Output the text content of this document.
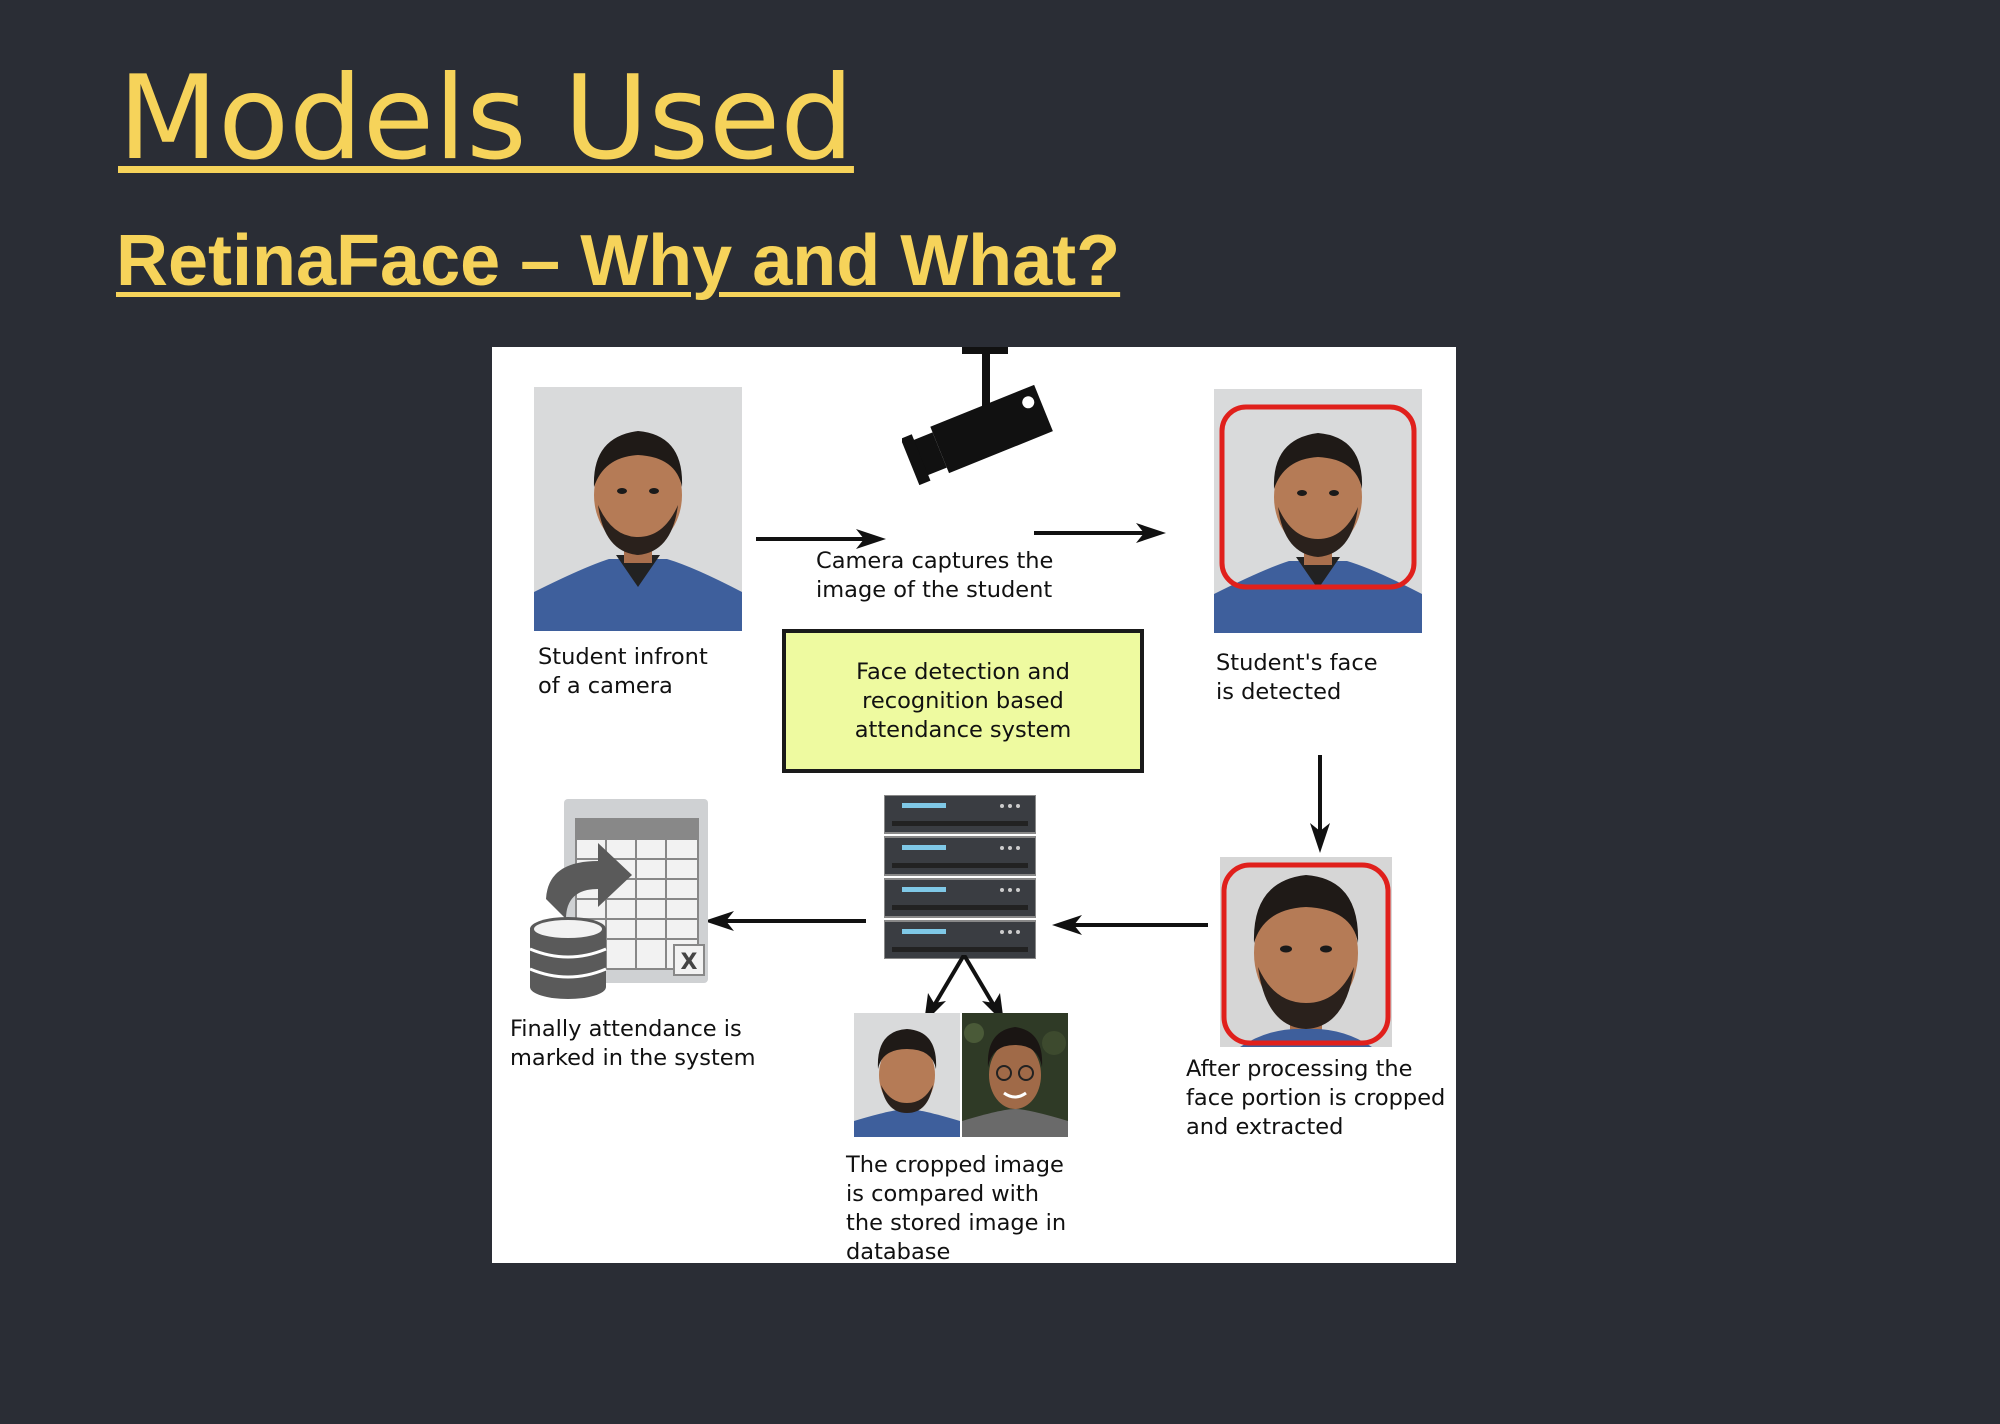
Models Used
RetinaFace – Why and What?
Student infront
of a camera
Camera captures the
image of the student
Student's face
is detected
Face detection and
recognition based
attendance system
After processing the
face portion is cropped
and extracted
X
Finally attendance is
marked in the system
The cropped image
is compared with
the stored image in
database
